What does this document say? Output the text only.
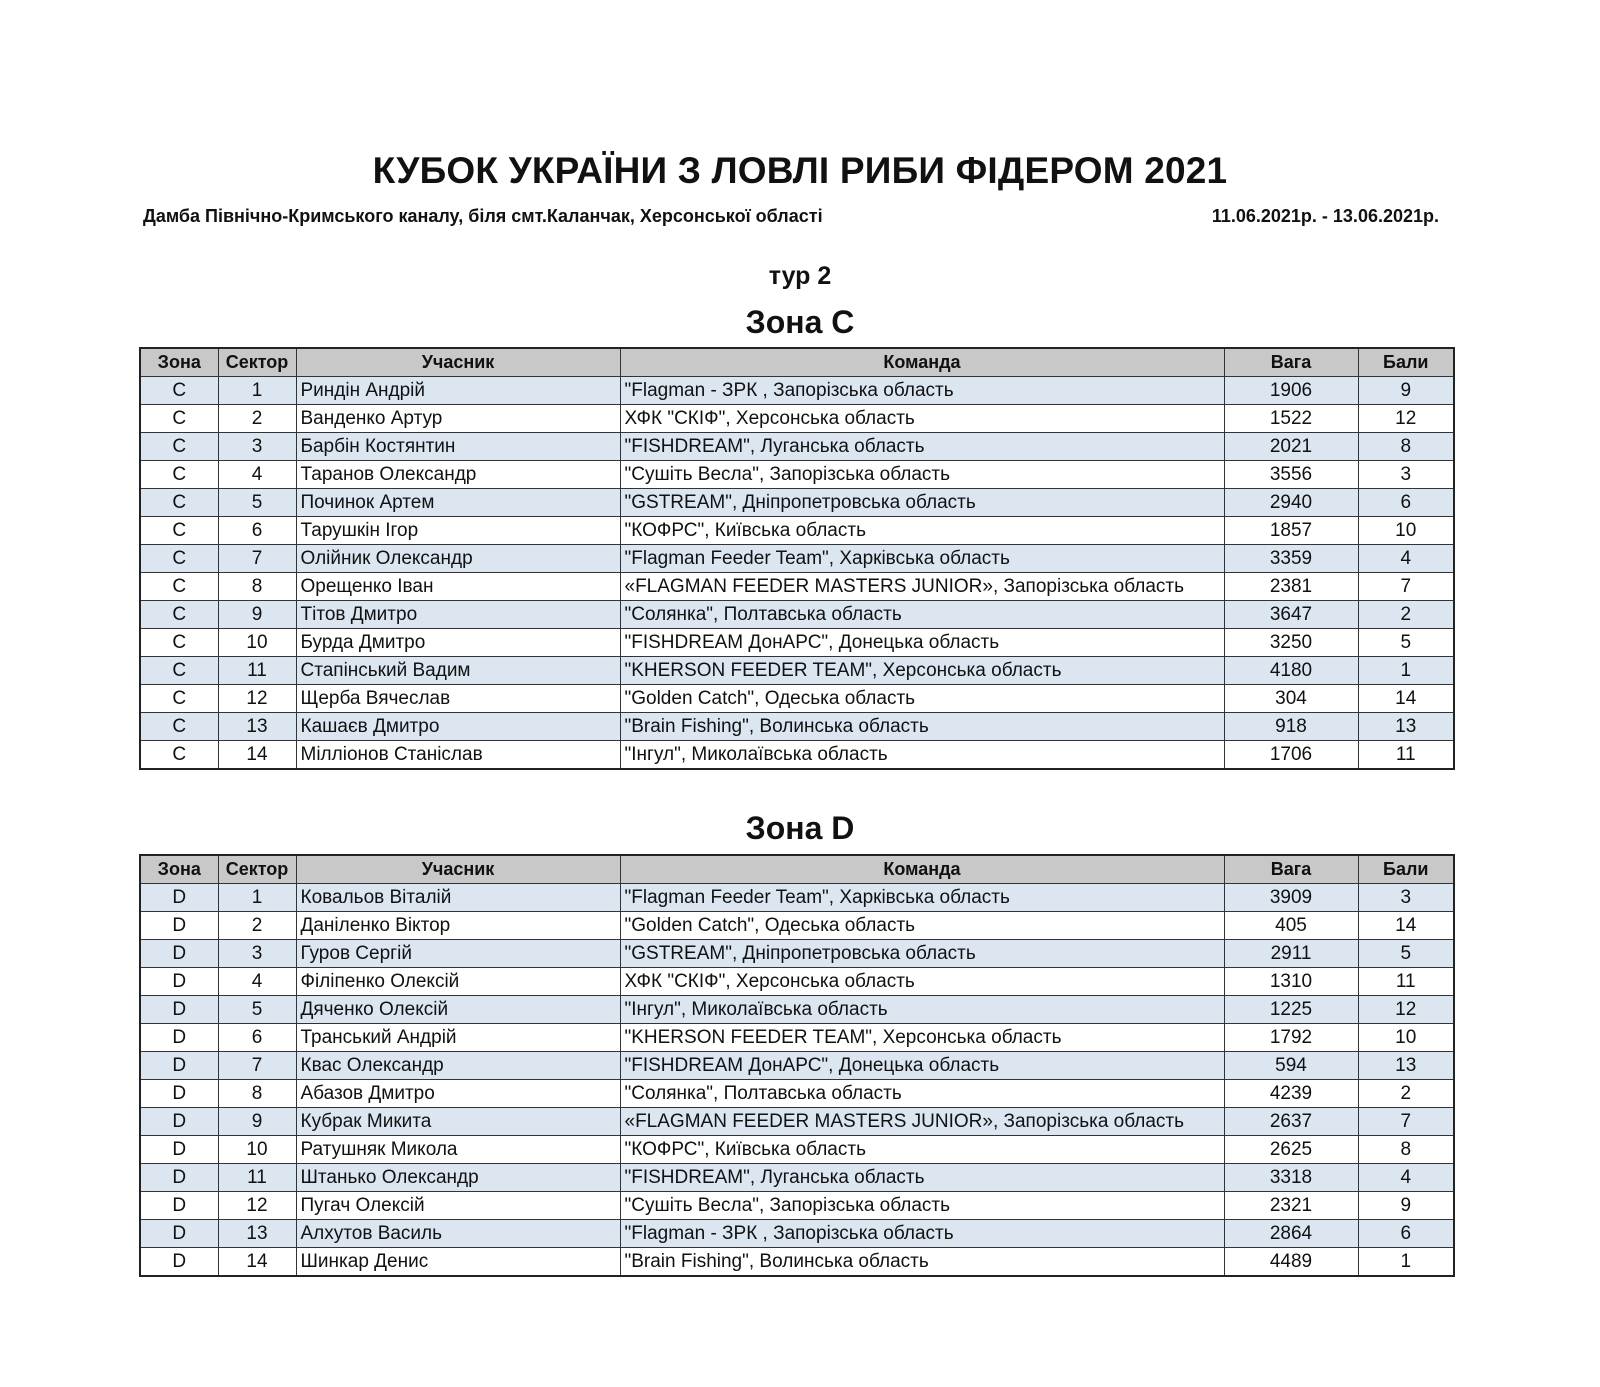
КУБОК УКРАЇНИ З ЛОВЛІ РИБИ ФІДЕРОМ 2021
Дамба Північно-Кримського каналу, біля смт.Каланчак, Херсонської області	11.06.2021р. - 13.06.2021р.
тур 2
Зона C
Зона	Сектор	Учасник	Команда	Вага	Бали
C	1	Риндін Андрій	"Flagman - ЗРК , Запорізська область	1906	9
C	2	Ванденко Артур	ХФК "СКІФ", Херсонська область	1522	12
C	3	Барбін Костянтин	"FISHDREAM", Луганська область	2021	8
C	4	Таранов Олександр	"Сушіть Весла", Запорізська область	3556	3
C	5	Починок Артем	"GSTREAM", Дніпропетровська область	2940	6
C	6	Тарушкін Ігор	"КОФРС", Київська область	1857	10
C	7	Олійник Олександр	"Flagman Feeder Team", Харківська область	3359	4
C	8	Орещенко Іван	«FLAGMAN FEEDER MASTERS JUNIOR», Запорізська область	2381	7
C	9	Тітов Дмитро	"Солянка", Полтавська область	3647	2
C	10	Бурда Дмитро	"FISHDREAM ДонАРС", Донецька область	3250	5
C	11	Стапінський Вадим	"KHERSON FEEDER TEAM", Херсонська область	4180	1
C	12	Щерба Вячеслав	"Golden Catch", Одеська область	304	14
C	13	Кашаєв Дмитро	"Brain Fishing", Волинська область	918	13
C	14	Мілліонов Станіслав	"Інгул", Миколаївська область	1706	11
Зона D
Зона	Сектор	Учасник	Команда	Вага	Бали
D	1	Ковальов Віталій	"Flagman Feeder Team", Харківська область	3909	3
D	2	Даніленко Віктор	"Golden Catch", Одеська область	405	14
D	3	Гуров Сергій	"GSTREAM", Дніпропетровська область	2911	5
D	4	Філіпенко Олексій	ХФК "СКІФ", Херсонська область	1310	11
D	5	Дяченко Олексій	"Інгул", Миколаївська область	1225	12
D	6	Транський Андрій	"KHERSON FEEDER TEAM", Херсонська область	1792	10
D	7	Квас Олександр	"FISHDREAM ДонАРС", Донецька область	594	13
D	8	Абазов Дмитро	"Солянка", Полтавська область	4239	2
D	9	Кубрак Микита	«FLAGMAN FEEDER MASTERS JUNIOR», Запорізська область	2637	7
D	10	Ратушняк Микола	"КОФРС", Київська область	2625	8
D	11	Штанько Олександр	"FISHDREAM", Луганська область	3318	4
D	12	Пугач Олексій	"Сушіть Весла", Запорізська область	2321	9
D	13	Алхутов Василь	"Flagman - ЗРК , Запорізська область	2864	6
D	14	Шинкар Денис	"Brain Fishing", Волинська область	4489	1
